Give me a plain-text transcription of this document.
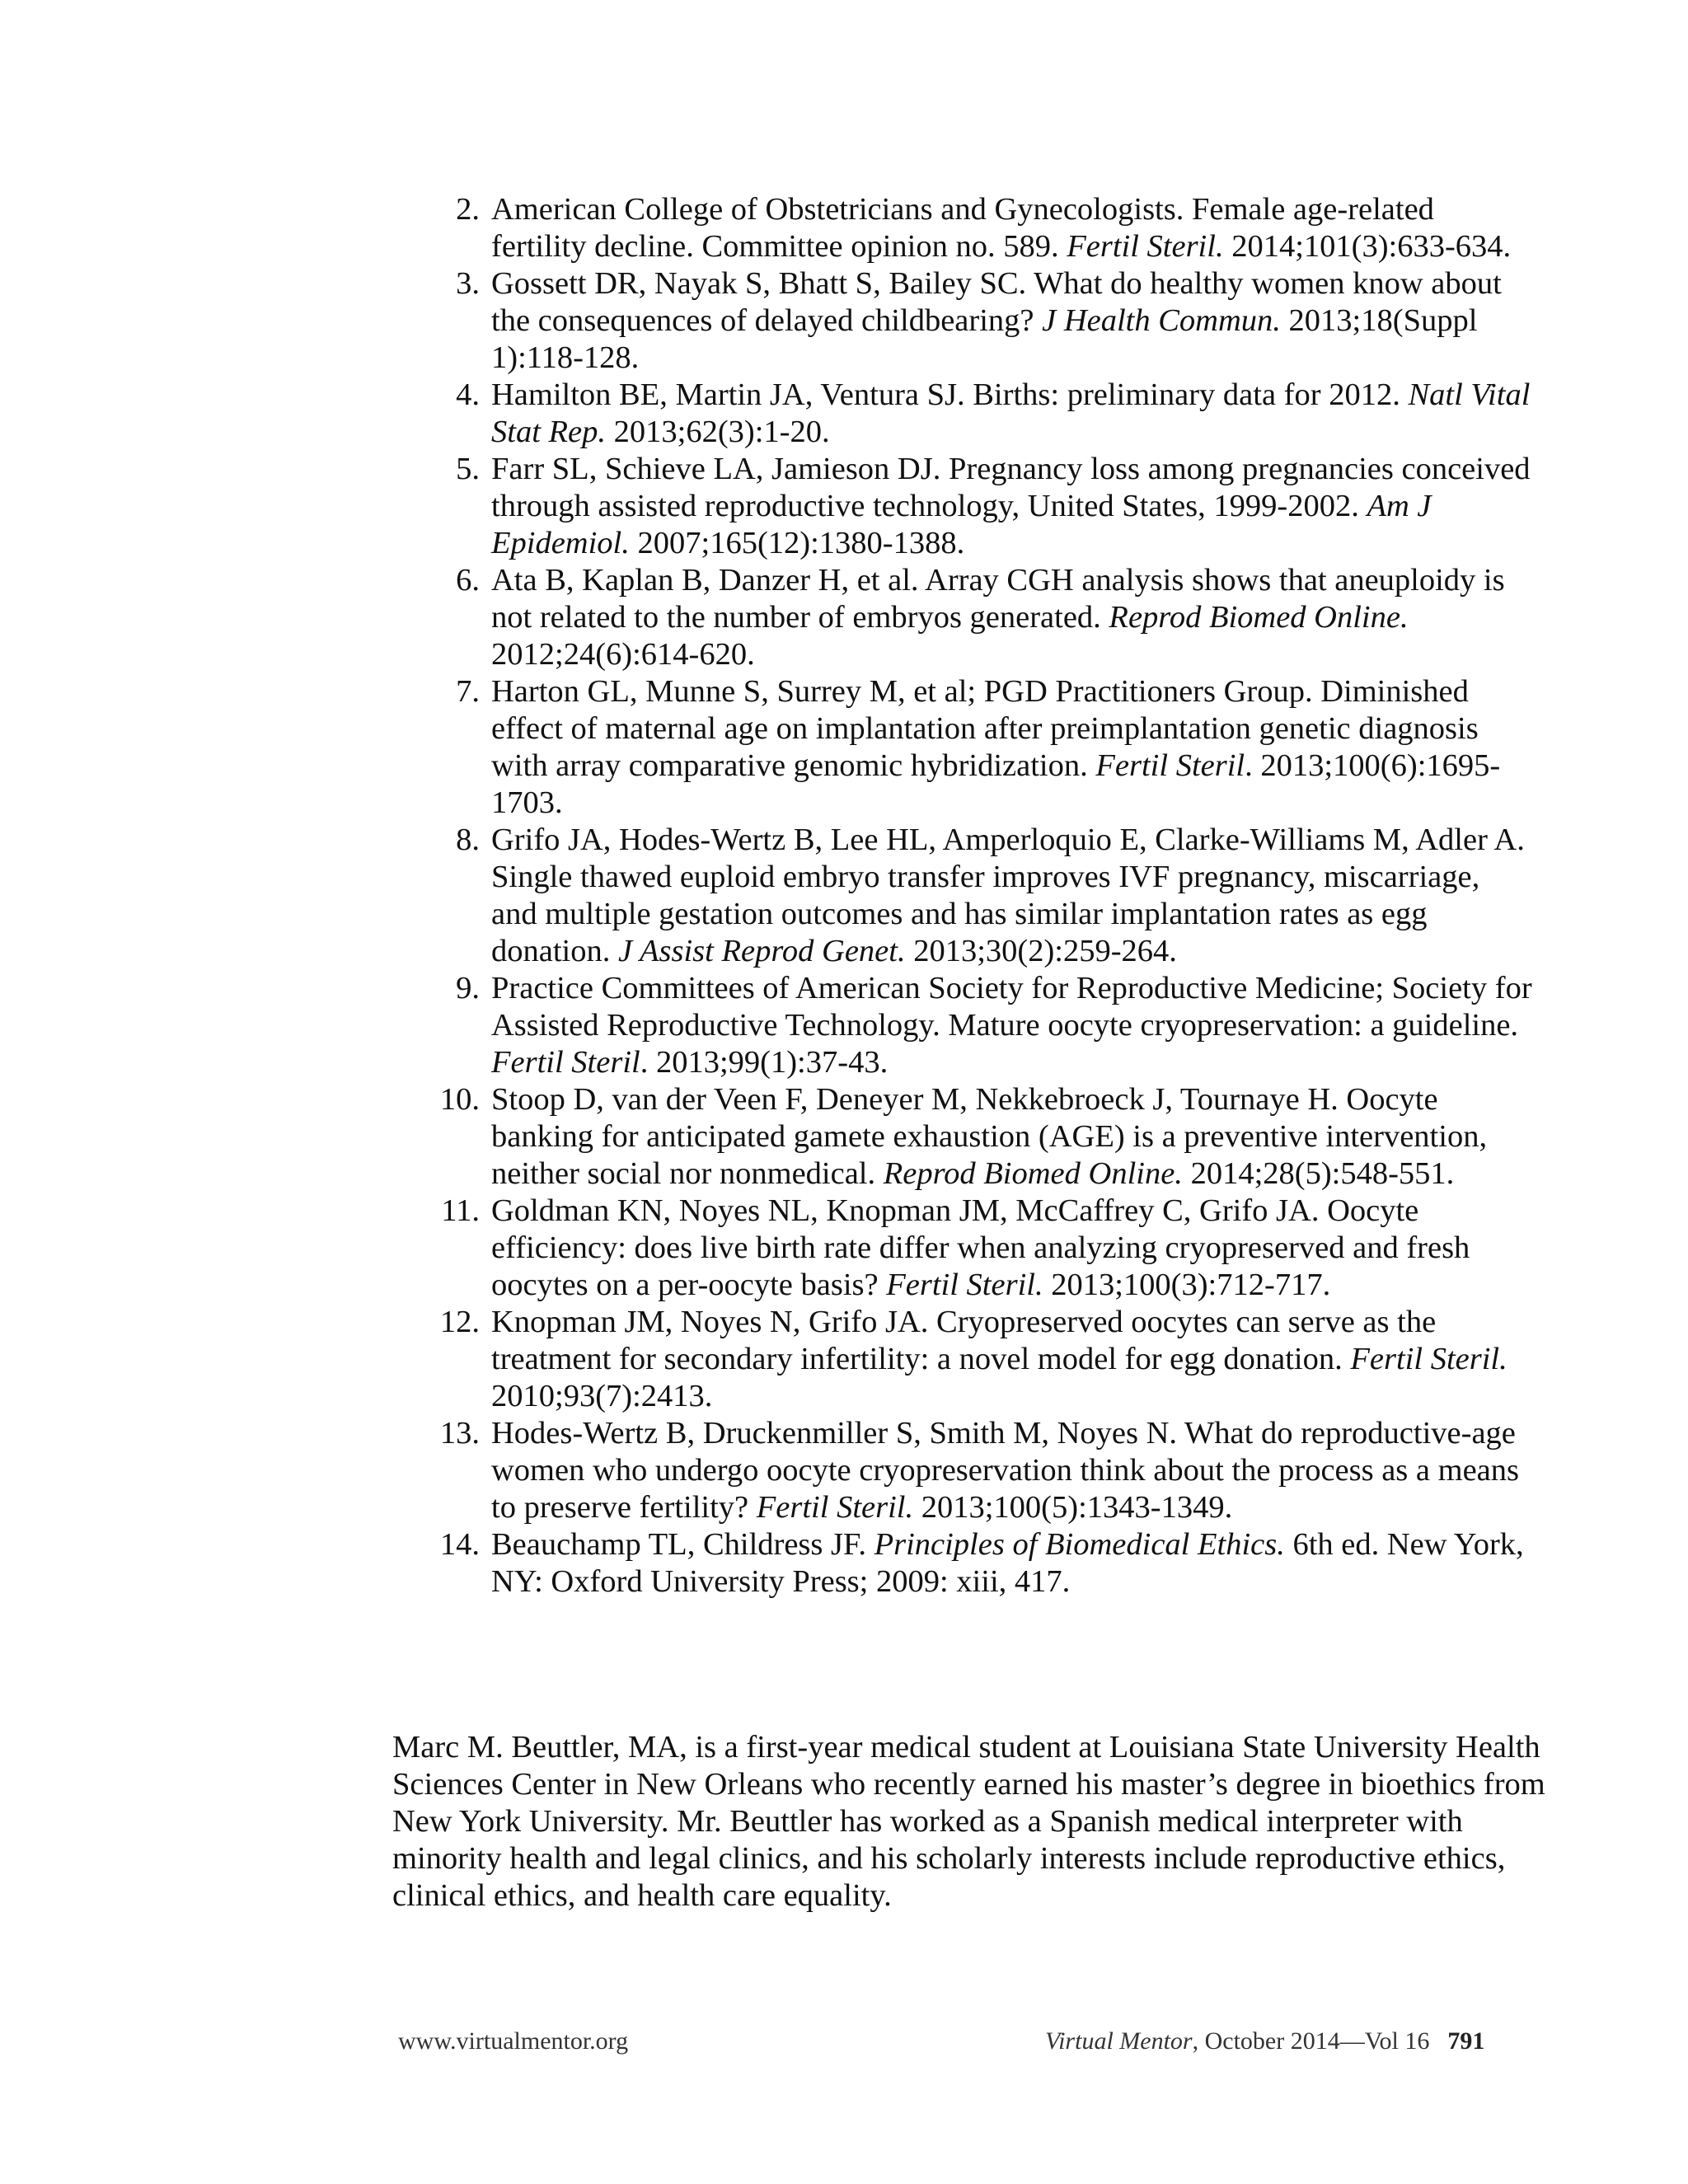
2. American College of Obstetricians and Gynecologists. Female age-related fertility decline. Committee opinion no. 589. Fertil Steril. 2014;101(3):633-634.
3. Gossett DR, Nayak S, Bhatt S, Bailey SC. What do healthy women know about the consequences of delayed childbearing? J Health Commun. 2013;18(Suppl 1):118-128.
4. Hamilton BE, Martin JA, Ventura SJ. Births: preliminary data for 2012. Natl Vital Stat Rep. 2013;62(3):1-20.
5. Farr SL, Schieve LA, Jamieson DJ. Pregnancy loss among pregnancies conceived through assisted reproductive technology, United States, 1999-2002. Am J Epidemiol. 2007;165(12):1380-1388.
6. Ata B, Kaplan B, Danzer H, et al. Array CGH analysis shows that aneuploidy is not related to the number of embryos generated. Reprod Biomed Online. 2012;24(6):614-620.
7. Harton GL, Munne S, Surrey M, et al; PGD Practitioners Group. Diminished effect of maternal age on implantation after preimplantation genetic diagnosis with array comparative genomic hybridization. Fertil Steril. 2013;100(6):1695-1703.
8. Grifo JA, Hodes-Wertz B, Lee HL, Amperloquio E, Clarke-Williams M, Adler A. Single thawed euploid embryo transfer improves IVF pregnancy, miscarriage, and multiple gestation outcomes and has similar implantation rates as egg donation. J Assist Reprod Genet. 2013;30(2):259-264.
9. Practice Committees of American Society for Reproductive Medicine; Society for Assisted Reproductive Technology. Mature oocyte cryopreservation: a guideline. Fertil Steril. 2013;99(1):37-43.
10. Stoop D, van der Veen F, Deneyer M, Nekkebroeck J, Tournaye H. Oocyte banking for anticipated gamete exhaustion (AGE) is a preventive intervention, neither social nor nonmedical. Reprod Biomed Online. 2014;28(5):548-551.
11. Goldman KN, Noyes NL, Knopman JM, McCaffrey C, Grifo JA. Oocyte efficiency: does live birth rate differ when analyzing cryopreserved and fresh oocytes on a per-oocyte basis? Fertil Steril. 2013;100(3):712-717.
12. Knopman JM, Noyes N, Grifo JA. Cryopreserved oocytes can serve as the treatment for secondary infertility: a novel model for egg donation. Fertil Steril. 2010;93(7):2413.
13. Hodes-Wertz B, Druckenmiller S, Smith M, Noyes N. What do reproductive-age women who undergo oocyte cryopreservation think about the process as a means to preserve fertility? Fertil Steril. 2013;100(5):1343-1349.
14. Beauchamp TL, Childress JF. Principles of Biomedical Ethics. 6th ed. New York, NY: Oxford University Press; 2009: xiii, 417.

Marc M. Beuttler, MA, is a first-year medical student at Louisiana State University Health Sciences Center in New Orleans who recently earned his master’s degree in bioethics from New York University. Mr. Beuttler has worked as a Spanish medical interpreter with minority health and legal clinics, and his scholarly interests include reproductive ethics, clinical ethics, and health care equality.

www.virtualmentor.org	Virtual Mentor, October 2014—Vol 16 791
